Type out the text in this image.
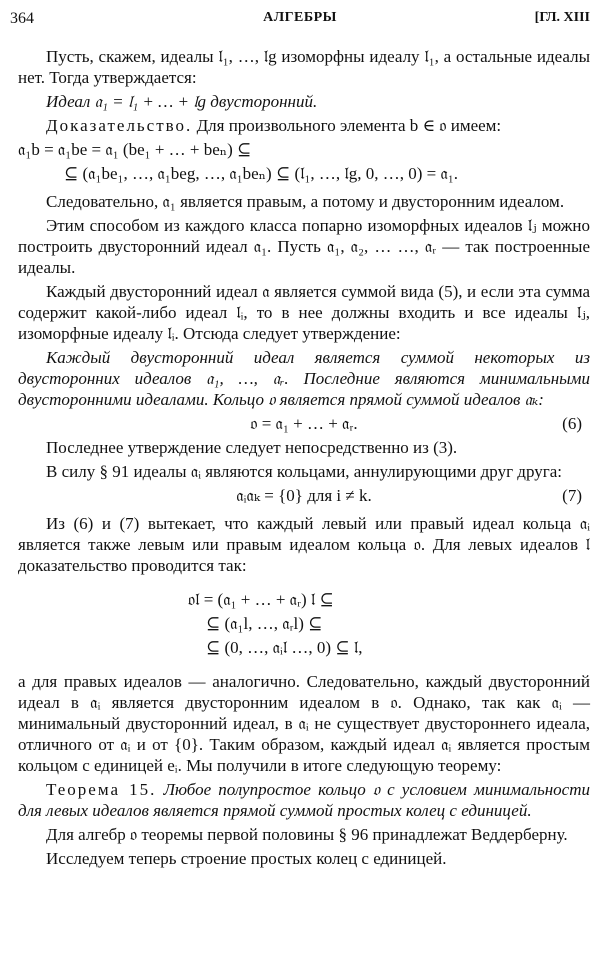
364	АЛГЕБРЫ	[ГЛ. XIII

Пусть, скажем, идеалы 𝔩₁, …, 𝔩g изоморфны идеалу 𝔩₁, а остальные идеалы нет. Тогда утверждается:

Идеал 𝔞₁ = 𝔩₁ + … + 𝔩g двусторонний.

Доказательство. Для произвольного элемента b ∈ 𝔬 имеем:

𝔞₁b = 𝔞₁be = 𝔞₁ (be₁ + … + beₙ) ⊆
⊆ (𝔞₁be₁, …, 𝔞₁beg, …, 𝔞₁beₙ) ⊆ (𝔩₁, …, 𝔩g, 0, …, 0) = 𝔞₁.

Следовательно, 𝔞₁ является правым, а потому и двусторонним идеалом.

Этим способом из каждого класса попарно изоморфных идеалов 𝔩ⱼ можно построить двусторонний идеал 𝔞₁. Пусть 𝔞₁, 𝔞₂, … …, 𝔞ᵣ — так построенные идеалы.

Каждый двусторонний идеал 𝔞 является суммой вида (5), и если эта сумма содержит какой-либо идеал 𝔩ᵢ, то в нее должны входить и все идеалы 𝔩ⱼ, изоморфные идеалу 𝔩ᵢ. Отсюда следует утверждение:

Каждый двусторонний идеал является суммой некоторых из двусторонних идеалов 𝔞₁, …, 𝔞ᵣ. Последние являются минимальными двусторонними идеалами. Кольцо 𝔬 является прямой суммой идеалов 𝔞ₖ:

𝔬 = 𝔞₁ + … + 𝔞ᵣ.	(6)

Последнее утверждение следует непосредственно из (3).

В силу § 91 идеалы 𝔞ᵢ являются кольцами, аннулирующими друг друга:

𝔞ᵢ𝔞ₖ = {0} для i ≠ k.	(7)

Из (6) и (7) вытекает, что каждый левый или правый идеал кольца 𝔞ᵢ является также левым или правым идеалом кольца 𝔬. Для левых идеалов 𝔩 доказательство проводится так:

𝔬𝔩 = (𝔞₁ + … + 𝔞ᵣ) 𝔩 ⊆
⊆ (𝔞₁l, …, 𝔞ᵣl) ⊆
⊆ (0, …, 𝔞ᵢ𝔩 …, 0) ⊆ 𝔩,

а для правых идеалов — аналогично. Следовательно, каждый двусторонний идеал в 𝔞ᵢ является двусторонним идеалом в 𝔬. Однако, так как 𝔞ᵢ — минимальный двусторонний идеал, в 𝔞ᵢ не существует двустороннего идеала, отличного от 𝔞ᵢ и от {0}. Таким образом, каждый идеал 𝔞ᵢ является простым кольцом с единицей eᵢ. Мы получили в итоге следующую теорему:

Теорема 15. Любое полупростое кольцо 𝔬 с условием минимальности для левых идеалов является прямой суммой простых колец с единицей.

Для алгебр 𝔬 теоремы первой половины § 96 принадлежат Веддерберну.

Исследуем теперь строение простых колец с единицей.
